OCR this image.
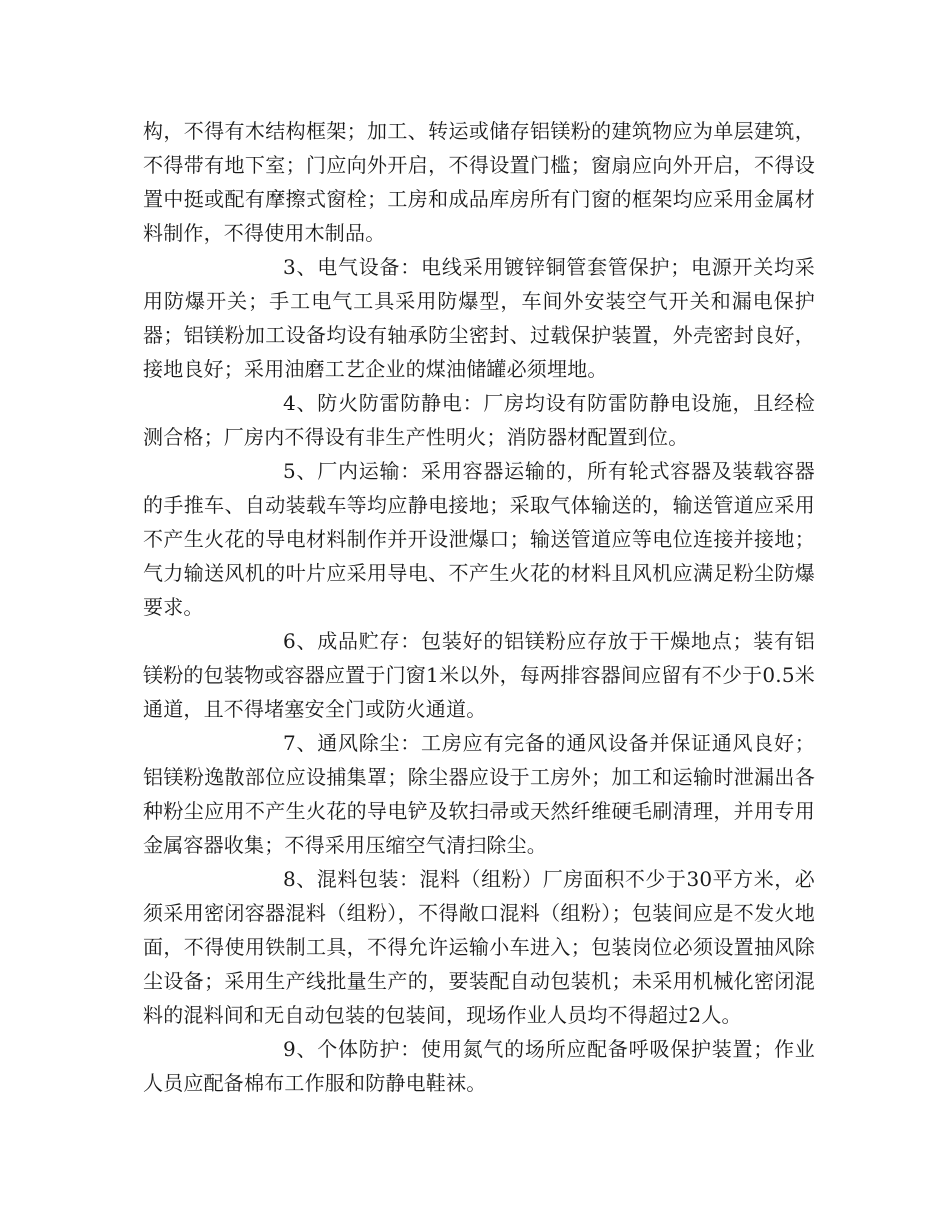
构，不得有木结构框架；加工、转运或储存铝镁粉的建筑物应为单层建筑，不得带有地下室；门应向外开启，不得设置门槛；窗扇应向外开启，不得设置中挺或配有摩擦式窗栓；工房和成品库房所有门窗的框架均应采用金属材料制作，不得使用木制品。

3、电气设备：电线采用镀锌铜管套管保护；电源开关均采用防爆开关；手工电气工具采用防爆型，车间外安装空气开关和漏电保护器；铝镁粉加工设备均设有轴承防尘密封、过载保护装置，外壳密封良好，接地良好；采用油磨工艺企业的煤油储罐必须埋地。

4、防火防雷防静电：厂房均设有防雷防静电设施，且经检测合格；厂房内不得设有非生产性明火；消防器材配置到位。

5、厂内运输：采用容器运输的，所有轮式容器及装载容器的手推车、自动装载车等均应静电接地；采取气体输送的，输送管道应采用不产生火花的导电材料制作并开设泄爆口；输送管道应等电位连接并接地；气力输送风机的叶片应采用导电、不产生火花的材料且风机应满足粉尘防爆要求。

6、成品贮存：包装好的铝镁粉应存放于干燥地点；装有铝镁粉的包装物或容器应置于门窗1米以外，每两排容器间应留有不少于0.5米通道，且不得堵塞安全门或防火通道。

7、通风除尘：工房应有完备的通风设备并保证通风良好；铝镁粉逸散部位应设捕集罩；除尘器应设于工房外；加工和运输时泄漏出各种粉尘应用不产生火花的导电铲及软扫帚或天然纤维硬毛刷清理，并用专用金属容器收集；不得采用压缩空气清扫除尘。

8、混料包装：混料（组粉）厂房面积不少于30平方米，必须采用密闭容器混料（组粉），不得敞口混料（组粉）；包装间应是不发火地面，不得使用铁制工具，不得允许运输小车进入；包装岗位必须设置抽风除尘设备；采用生产线批量生产的，要装配自动包装机；未采用机械化密闭混料的混料间和无自动包装的包装间，现场作业人员均不得超过2人。

9、个体防护：使用氮气的场所应配备呼吸保护装置；作业人员应配备棉布工作服和防静电鞋袜。
